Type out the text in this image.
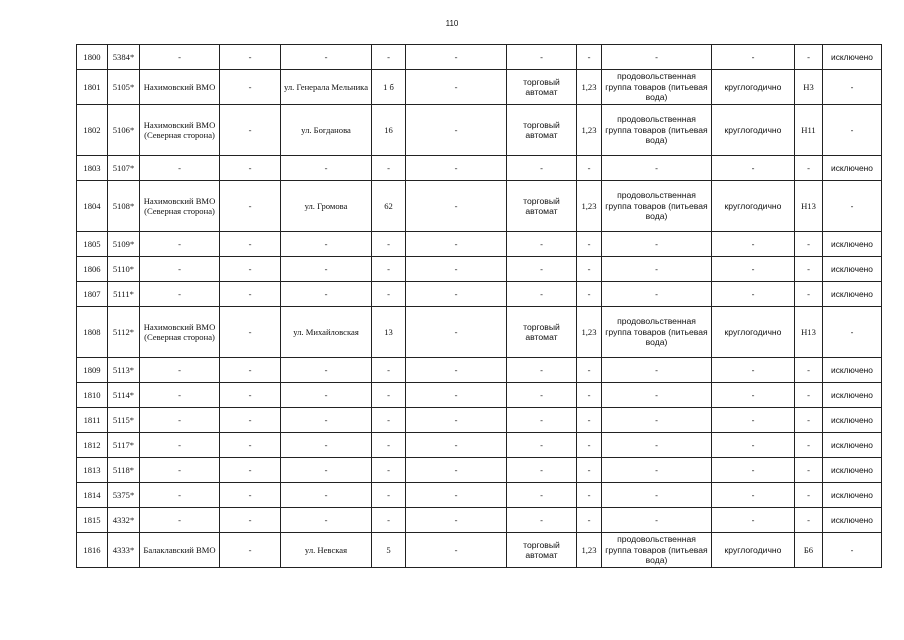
110
1800	5384*	-	-	-	-	-	-	-	-	-	-	исключено
1801	5105*	Нахимовский ВМО	-	ул. Генерала Мельника	1 б	-	торговый автомат	1,23	продовольственная группа товаров (питьевая вода)	круглогодично	Н3	-
1802	5106*	Нахимовский ВМО (Северная сторона)	-	ул. Богданова	16	-	торговый автомат	1,23	продовольственная группа товаров (питьевая вода)	круглогодично	Н11	-
1803	5107*	-	-	-	-	-	-	-	-	-	-	исключено
1804	5108*	Нахимовский ВМО (Северная сторона)	-	ул. Громова	62	-	торговый автомат	1,23	продовольственная группа товаров (питьевая вода)	круглогодично	Н13	-
1805	5109*	-	-	-	-	-	-	-	-	-	-	исключено
1806	5110*	-	-	-	-	-	-	-	-	-	-	исключено
1807	5111*	-	-	-	-	-	-	-	-	-	-	исключено
1808	5112*	Нахимовский ВМО (Северная сторона)	-	ул. Михайловская	13	-	торговый автомат	1,23	продовольственная группа товаров (питьевая вода)	круглогодично	Н13	-
1809	5113*	-	-	-	-	-	-	-	-	-	-	исключено
1810	5114*	-	-	-	-	-	-	-	-	-	-	исключено
1811	5115*	-	-	-	-	-	-	-	-	-	-	исключено
1812	5117*	-	-	-	-	-	-	-	-	-	-	исключено
1813	5118*	-	-	-	-	-	-	-	-	-	-	исключено
1814	5375*	-	-	-	-	-	-	-	-	-	-	исключено
1815	4332*	-	-	-	-	-	-	-	-	-	-	исключено
1816	4333*	Балаклавский ВМО	-	ул. Невская	5	-	торговый автомат	1,23	продовольственная группа товаров (питьевая вода)	круглогодично	Б6	-
